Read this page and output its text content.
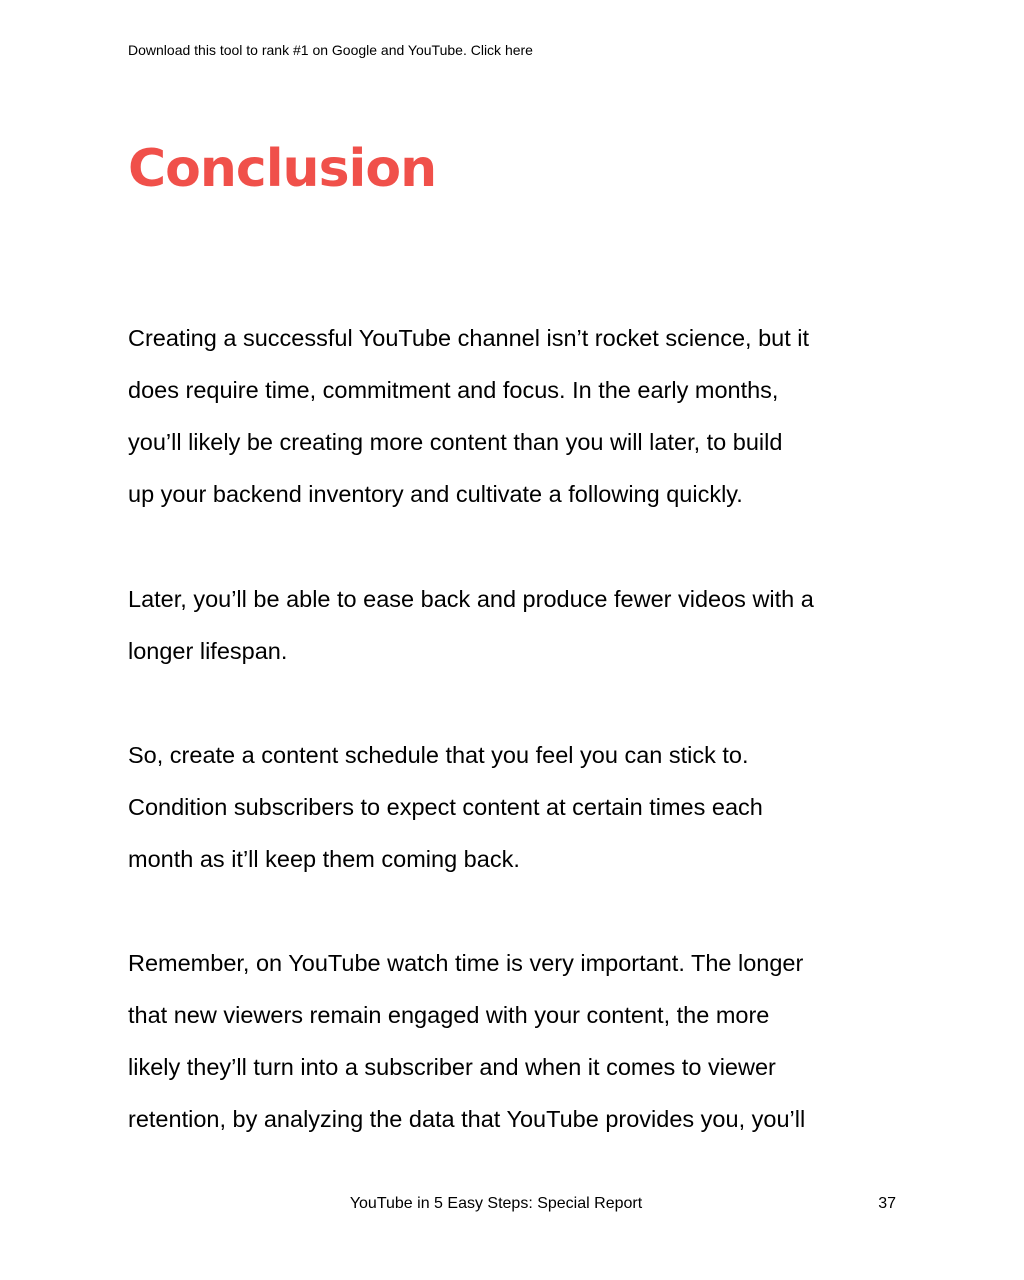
Download this tool to rank #1 on Google and YouTube. Click here
Conclusion

Creating a successful YouTube channel isn’t rocket science, but it
does require time, commitment and focus. In the early months,
you’ll likely be creating more content than you will later, to build
up your backend inventory and cultivate a following quickly.

Later, you’ll be able to ease back and produce fewer videos with a
longer lifespan.

So, create a content schedule that you feel you can stick to.
Condition subscribers to expect content at certain times each
month as it’ll keep them coming back.

Remember, on YouTube watch time is very important. The longer
that new viewers remain engaged with your content, the more
likely they’ll turn into a subscriber and when it comes to viewer
retention, by analyzing the data that YouTube provides you, you’ll

YouTube in 5 Easy Steps: Special Report	37
